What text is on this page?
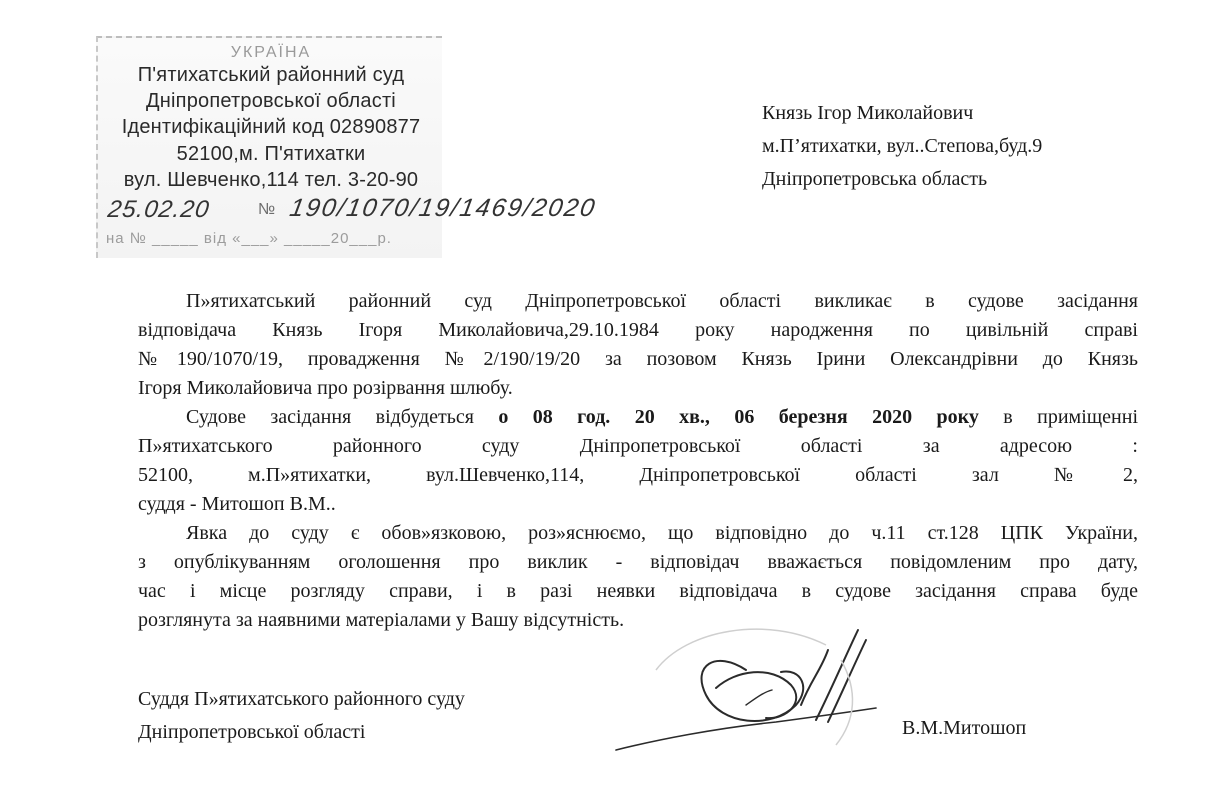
УКРАЇНА
П'ятихатський районний суд
Дніпропетровської області
Ідентифікаційний код 02890877
52100,м. П'ятихатки
вул. Шевченко,114 тел. 3-20-90
25.02.20	№ 190/1070/19/1469/2020
на № _____ від «___» _____20___р.
Князь Ігор Миколайович
м.П’ятихатки, вул..Степова,буд.9
Дніпропетровська область

П»ятихатський районний суд Дніпропетровської області викликає в судове засідання

відповідача Князь Ігоря Миколайовича,29.10.1984 року народження по цивільній справі

№190/1070/19, провадження №2/190/19/20 за позовом Князь Ірини Олександрівни до Князь

Ігоря Миколайовича про розірвання шлюбу.

Судове засідання відбудеться о 08 год. 20 хв., 06 березня 2020 року в приміщенні

П»ятихатського районного суду Дніпропетровської області за адресою :

52100, м.П»ятихатки, вул.Шевченко,114, Дніпропетровської області зал №2,

суддя - Митошоп В.М..

Явка до суду є обов»язковою, роз»яснюємо, що відповідно до ч.11 ст.128 ЦПК України,

з опублікуванням оголошення про виклик - відповідач вважається повідомленим про дату,

час і місце розгляду справи, і в разі неявки відповідача в судове засідання справа буде

розглянута за наявними матеріалами у Вашу відсутність.

Суддя П»ятихатського районного суду
Дніпропетровської області	В.М.Митошоп
